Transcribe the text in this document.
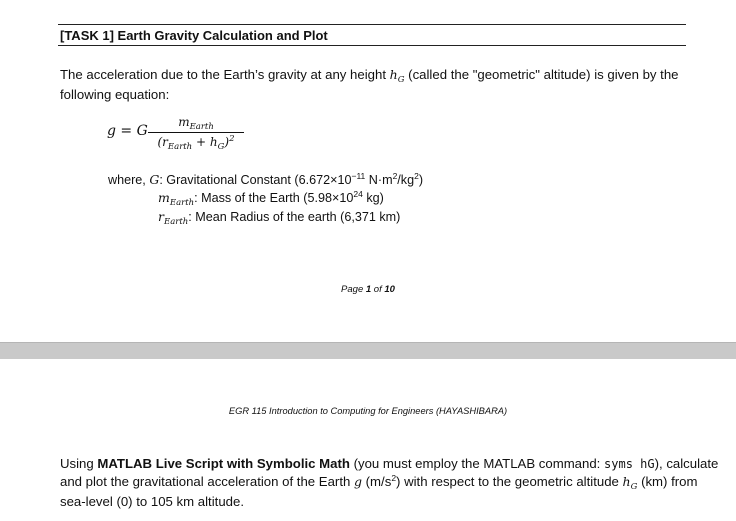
[TASK 1] Earth Gravity Calculation and Plot
The acceleration due to the Earth’s gravity at any height $h_G$ (called the "geometric" altitude) is given by the following equation:
g = G
$m_{Earth}$
$(r_{Earth} + h_G)^2$
where, G: Gravitational Constant ($6.672\times 10^{-11}$ $N\cdot m^2/kg^2$)
$m_{Earth}$: Mass of the Earth ($5.98\times 10^{24}$ kg)
$r_{Earth}$: Mean Radius of the earth (6,371 km)
Page 1 of 10
EGR 115 Introduction to Computing for Engineers (HAYASHIBARA)
Using MATLAB Live Script with Symbolic Math (you must employ the MATLAB command: syms hG), calculate and plot the gravitational acceleration of the Earth g $(m/s^2)$ with respect to the geometric altitude $h_G$ (km) from sea-level (0) to 105 km altitude.
